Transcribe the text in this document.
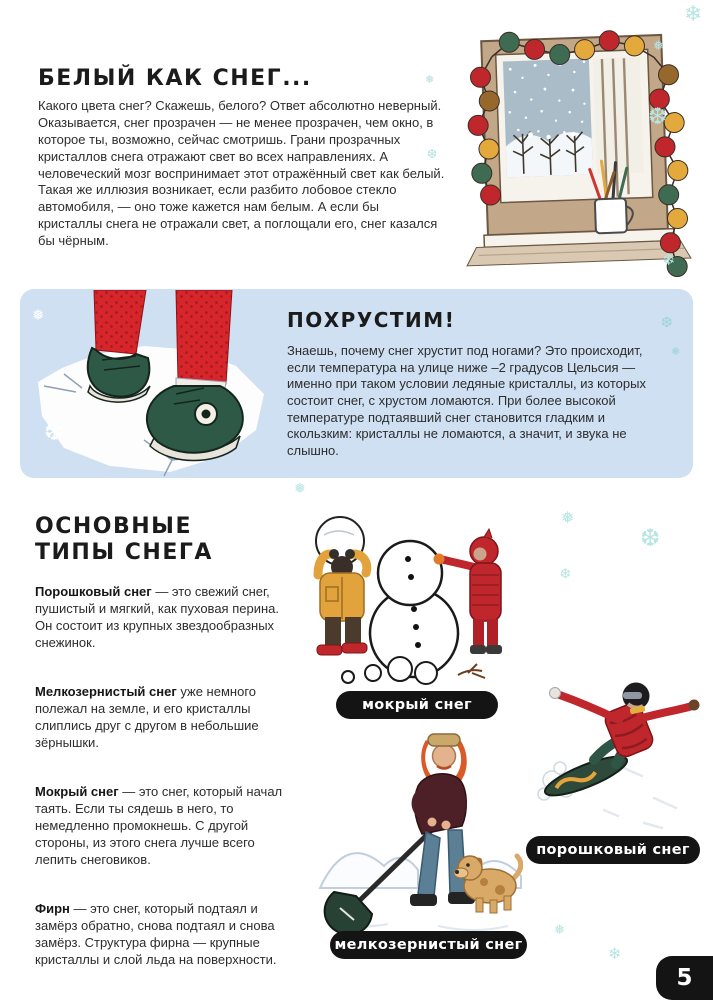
БЕЛЫЙ КАК СНЕГ...

Какого цвета снег? Скажешь, белого? Ответ абсолютно неверный. Оказывается, снег прозрачен — не менее прозрачен, чем окно, в которое ты, возможно, сейчас смотришь. Грани прозрачных кристаллов снега отражают свет во всех направлениях. А человеческий мозг воспринимает этот отражённый свет как белый. Такая же иллюзия возникает, если разбито лобовое стекло автомобиля, — оно тоже кажется нам белым. А если бы кристаллы снега не отражали свет, а поглощали его, снег казался бы чёрным.

ПОХРУСТИМ!

Знаешь, почему снег хрустит под ногами? Это происходит, если температура на улице ниже –2 градусов Цельсия — именно при таком условии ледяные кристаллы, из которых состоит снег, с хрустом ломаются. При более высокой температуре подтаявший снег становится гладким и скользким: кристаллы не ломаются, а значит, и звука не слышно.

ОСНОВНЫЕ
ТИПЫ СНЕГА

Порошковый снег — это свежий снег, пушистый и мягкий, как пуховая перина. Он состоит из крупных звездообразных снежинок.

Мелкозернистый снег уже немного полежал на земле, и его кристаллы слиплись друг с другом в небольшие зёрнышки.

Мокрый снег — это снег, который начал таять. Если ты сядешь в него, то немедленно промокнешь. С другой стороны, из этого снега лучше всего лепить снеговиков.

Фирн — это снег, который подтаял и замёрз обратно, снова подтаял и снова замёрз. Структура фирна — крупные кристаллы и слой льда на поверхности.

мокрый снег
порошковый снег
мелкозернистый снег
5
❄
❅
❆
❅
❆
❄
❆
❅
❅
❆
❅
❅
❆
❆
❅
❄
